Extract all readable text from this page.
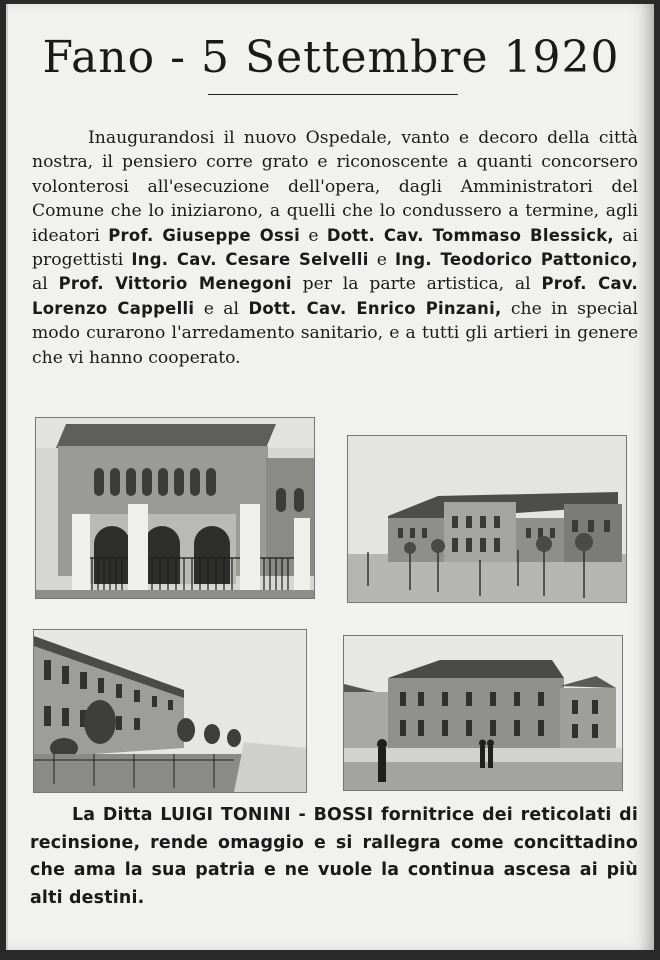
Fano - 5 Settembre 1920

Inaugurandosi il nuovo Ospedale, vanto e decoro della città nostra, il pensiero corre grato e riconoscente a quanti concorsero volonterosi all'esecuzione dell'opera, dagli Amministratori del Comune che lo iniziarono, a quelli che lo condussero a termine, agli ideatori Prof. Giuseppe Ossi e Dott. Cav. Tommaso Blessick, ai progettisti Ing. Cav. Cesare Selvelli e Ing. Teodorico Pattonico, al Prof. Vittorio Menegoni per la parte artistica, al Prof. Cav. Lorenzo Cappelli e al Dott. Cav. Enrico Pinzani, che in special modo curarono l'arredamento sanitario, e a tutti gli artieri in genere che vi hanno cooperato.

La Ditta LUIGI TONINI - BOSSI fornitrice dei reticolati di recinsione, rende omaggio e si rallegra come concittadino che ama la sua patria e ne vuole la continua ascesa ai più alti destini.
